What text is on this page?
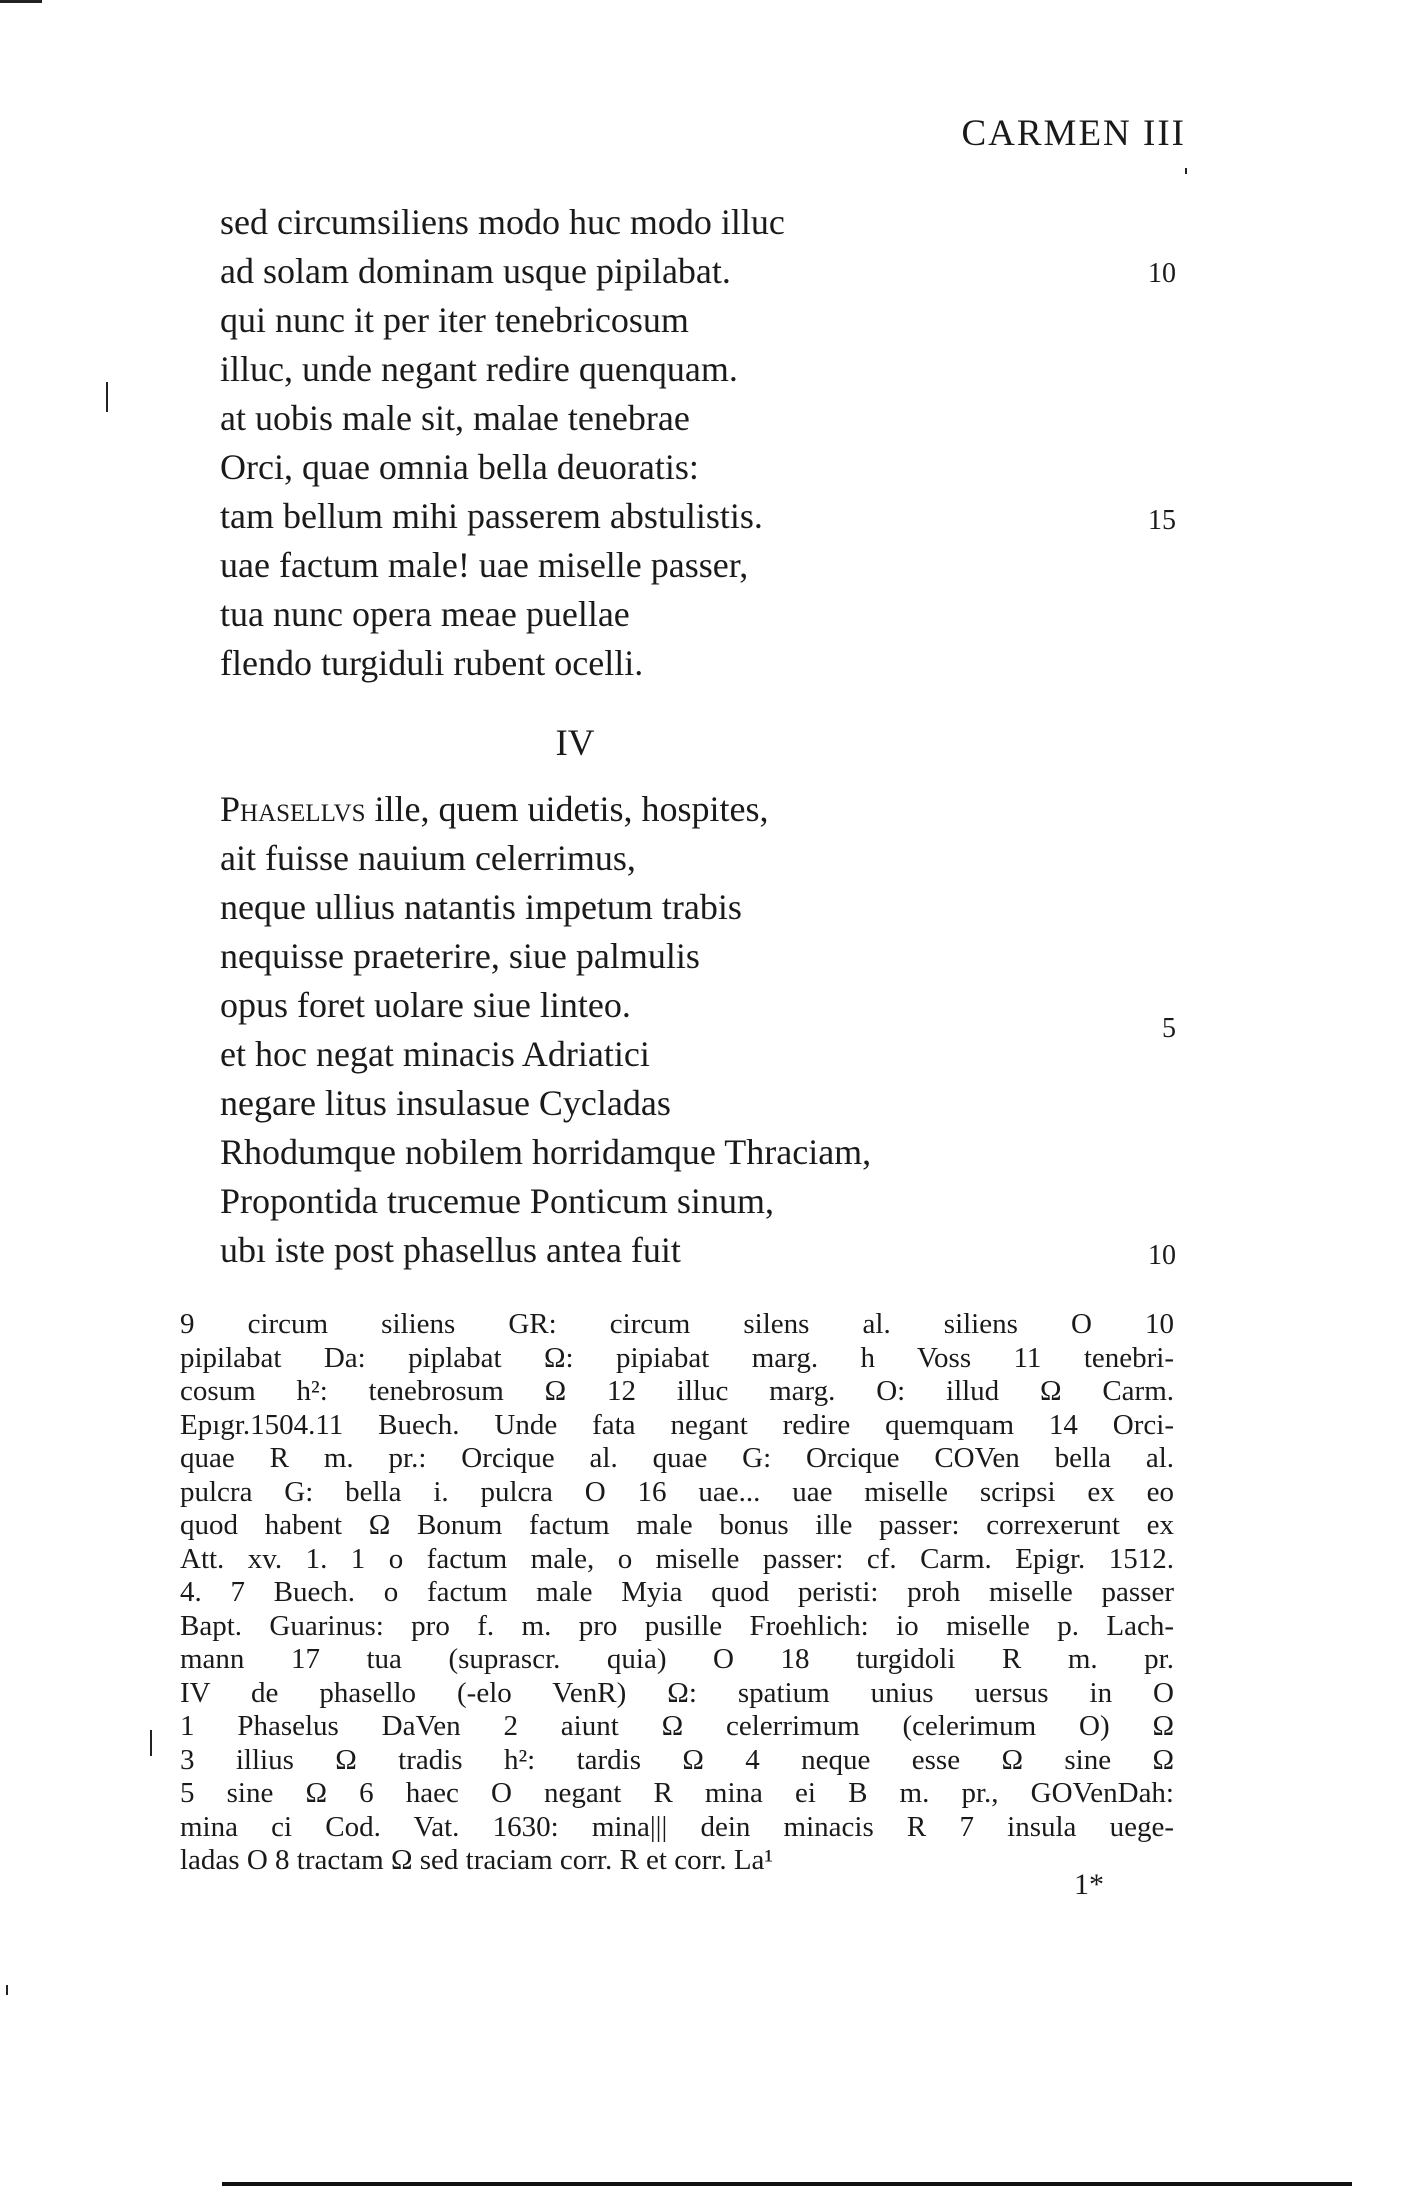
CARMEN III
sed circumsiliens modo huc modo illuc
ad solam dominam usque pipilabat.
qui nunc it per iter tenebricosum
illuc, unde negant redire quenquam.
at uobis male sit, malae tenebrae
Orci, quae omnia bella deuoratis:
tam bellum mihi passerem abstulistis.
uae factum male! uae miselle passer,
tua nunc opera meae puellae
flendo turgiduli rubent ocelli.
10
15
IV
Phasellvs ille, quem uidetis, hospites,
ait fuisse nauium celerrimus,
neque ullius natantis impetum trabis
nequisse praeterire, siue palmulis
opus foret uolare siue linteo.
et hoc negat minacis Adriatici
negare litus insulasue Cycladas
Rhodumque nobilem horridamque Thraciam,
Propontida trucemue Ponticum sinum,
ubı iste post phasellus antea fuit
5
10
9 circum siliens GR: circum silens al. siliens O 10
pipilabat Da: piplabat Ω: pipiabat marg. h Voss 11 tenebri-
cosum h²: tenebrosum Ω 12 illuc marg. O: illud Ω Carm.
Epıgr.1504.11 Buech. Unde fata negant redire quemquam 14 Orci-
quae R m. pr.: Orcique al. quae G: Orcique COVen bella al.
pulcra G: bella i. pulcra O 16 uae... uae miselle scripsi ex eo
quod habent Ω Bonum factum male bonus ille passer: correxerunt ex
Att. xv. 1. 1 o factum male, o miselle passer: cf. Carm. Epigr. 1512.
4. 7 Buech. o factum male Myia quod peristi: proh miselle passer
Bapt. Guarinus: pro f. m. pro pusille Froehlich: io miselle p. Lach-
mann 17 tua (suprascr. quia) O 18 turgidoli R m. pr.
IV de phasello (-elo VenR) Ω: spatium unius uersus in O
1 Phaselus DaVen 2 aiunt Ω celerrimum (celerimum O) Ω
3 illius Ω tradis h²: tardis Ω 4 neque esse Ω sine Ω
5 sine Ω 6 haec O negant R mina ei B m. pr., GOVenDah:
mina ci Cod. Vat. 1630: mina||| dein minacis R 7 insula uege-
ladas O 8 tractam Ω sed traciam corr. R et corr. La¹
1*
